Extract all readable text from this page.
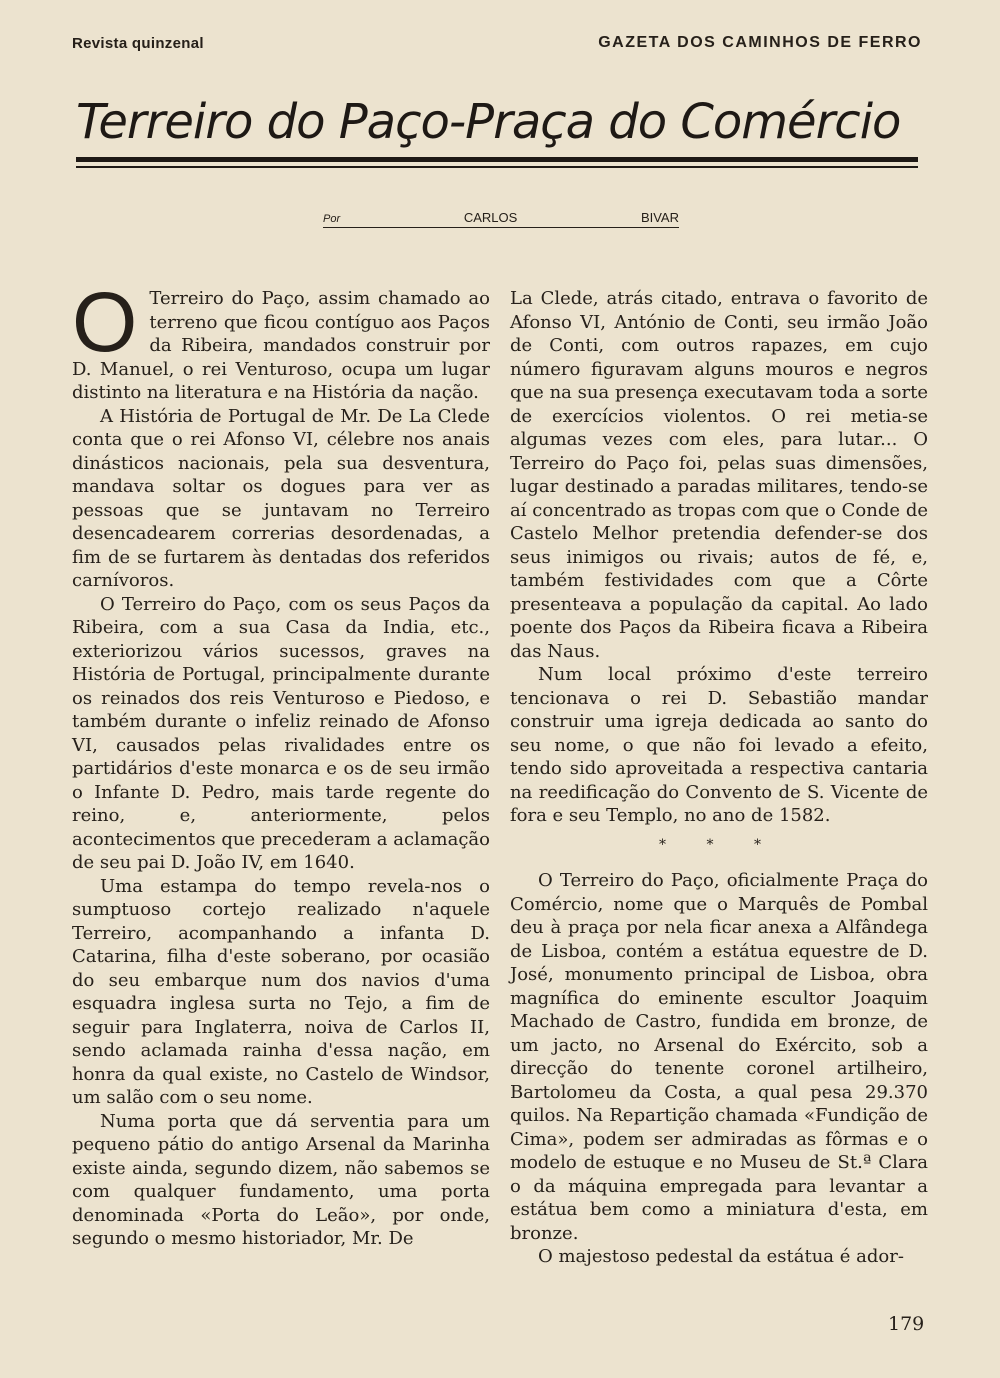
Revista quinzenal	GAZETA DOS CAMINHOS DE FERRO
Terreiro do Paço-Praça do Comércio
Por	CARLOS BIVAR

O Terreiro do Paço, assim chamado ao terreno que ficou contíguo aos Paços da Ribeira, mandados construir por D. Manuel, o rei Venturoso, ocupa um lugar distinto na literatura e na História da nação.

A História de Portugal de Mr. De La Clede conta que o rei Afonso VI, célebre nos anais dinásticos nacionais, pela sua desventura, mandava soltar os dogues para ver as pessoas que se juntavam no Terreiro desencadearem correrias desordenadas, a fim de se furtarem às dentadas dos referidos carnívoros.

O Terreiro do Paço, com os seus Paços da Ribeira, com a sua Casa da India, etc., exteriorizou vários sucessos, graves na História de Portugal, principalmente durante os reinados dos reis Venturoso e Piedoso, e também durante o infeliz reinado de Afonso VI, causados pelas rivalidades entre os partidários d'este monarca e os de seu irmão o Infante D. Pedro, mais tarde regente do reino, e, anteriormente, pelos acontecimentos que precederam a aclamação de seu pai D. João IV, em 1640.

Uma estampa do tempo revela-nos o sumptuoso cortejo realizado n'aquele Terreiro, acompanhando a infanta D. Catarina, filha d'este soberano, por ocasião do seu embarque num dos navios d'uma esquadra inglesa surta no Tejo, a fim de seguir para Inglaterra, noiva de Carlos II, sendo aclamada rainha d'essa nação, em honra da qual existe, no Castelo de Windsor, um salão com o seu nome.

Numa porta que dá serventia para um pequeno pátio do antigo Arsenal da Marinha existe ainda, segundo dizem, não sabemos se com qualquer fundamento, uma porta denominada «Porta do Leão», por onde, segundo o mesmo historiador, Mr. De

La Clede, atrás citado, entrava o favorito de Afonso VI, António de Conti, seu irmão João de Conti, com outros rapazes, em cujo número figuravam alguns mouros e negros que na sua presença executavam toda a sorte de exercícios violentos. O rei metia-se algumas vezes com eles, para lutar... O Terreiro do Paço foi, pelas suas dimensões, lugar destinado a paradas militares, tendo-se aí concentrado as tropas com que o Conde de Castelo Melhor pretendia defender-se dos seus inimigos ou rivais; autos de fé, e, também festividades com que a Côrte presenteava a população da capital. Ao lado poente dos Paços da Ribeira ficava a Ribeira das Naus.

Num local próximo d'este terreiro tencionava o rei D. Sebastião mandar construir uma igreja dedicada ao santo do seu nome, o que não foi levado a efeito, tendo sido aproveitada a respectiva cantaria na reedificação do Convento de S. Vicente de fora e seu Templo, no ano de 1582.

* * *

O Terreiro do Paço, oficialmente Praça do Comércio, nome que o Marquês de Pombal deu à praça por nela ficar anexa a Alfândega de Lisboa, contém a estátua equestre de D. José, monumento principal de Lisboa, obra magnífica do eminente escultor Joaquim Machado de Castro, fundida em bronze, de um jacto, no Arsenal do Exército, sob a direcção do tenente coronel artilheiro, Bartolomeu da Costa, a qual pesa 29.370 quilos. Na Repartição chamada «Fundição de Cima», podem ser admiradas as fôrmas e o modelo de estuque e no Museu de St.ª Clara o da máquina empregada para levantar a estátua bem como a miniatura d'esta, em bronze.

O majestoso pedestal da estátua é ador-

179
